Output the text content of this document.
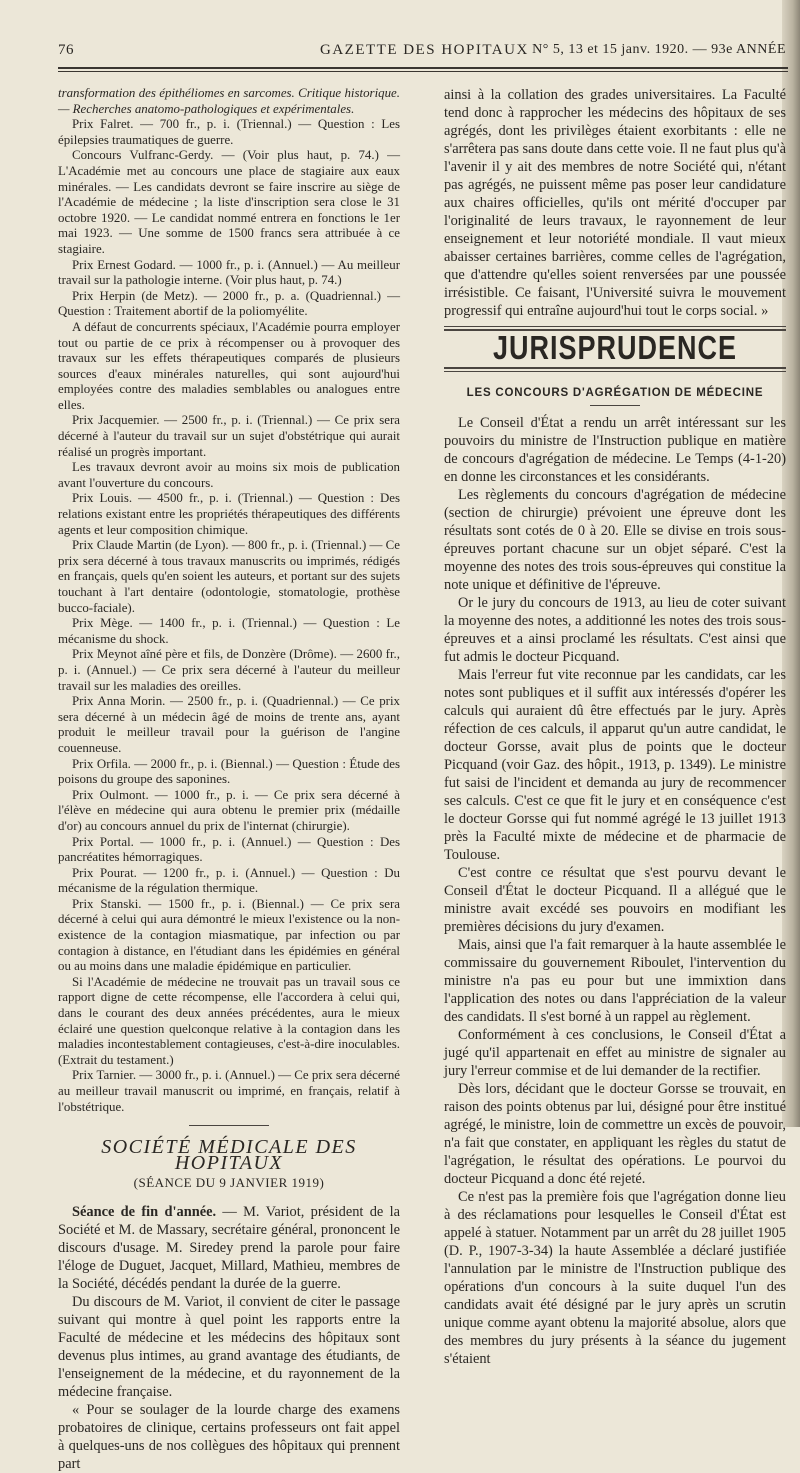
76	GAZETTE DES HOPITAUX N° 5, 13 et 15 janv. 1920. — 93e ANNÉE

transformation des épithéliomes en sarcomes. Critique historique. — Recherches anatomo-pathologiques et expérimentales.

Prix Falret. — 700 fr., p. i. (Triennal.) — Question : Les épilepsies traumatiques de guerre.

Concours Vulfranc-Gerdy. — (Voir plus haut, p. 74.) — L'Académie met au concours une place de stagiaire aux eaux minérales. — Les candidats devront se faire inscrire au siège de l'Académie de médecine ; la liste d'inscription sera close le 31 octobre 1920. — Le candidat nommé entrera en fonctions le 1er mai 1923. — Une somme de 1500 francs sera attribuée à ce stagiaire.

Prix Ernest Godard. — 1000 fr., p. i. (Annuel.) — Au meilleur travail sur la pathologie interne. (Voir plus haut, p. 74.)

Prix Herpin (de Metz). — 2000 fr., p. a. (Quadriennal.) — Question : Traitement abortif de la poliomyélite.

A défaut de concurrents spéciaux, l'Académie pourra employer tout ou partie de ce prix à récompenser ou à provoquer des travaux sur les effets thérapeutiques comparés de plusieurs sources d'eaux minérales naturelles, qui sont aujourd'hui employées contre des maladies semblables ou analogues entre elles.

Prix Jacquemier. — 2500 fr., p. i. (Triennal.) — Ce prix sera décerné à l'auteur du travail sur un sujet d'obstétrique qui aurait réalisé un progrès important.

Les travaux devront avoir au moins six mois de publication avant l'ouverture du concours.

Prix Louis. — 4500 fr., p. i. (Triennal.) — Question : Des relations existant entre les propriétés thérapeutiques des différents agents et leur composition chimique.

Prix Claude Martin (de Lyon). — 800 fr., p. i. (Triennal.) — Ce prix sera décerné à tous travaux manuscrits ou imprimés, rédigés en français, quels qu'en soient les auteurs, et portant sur des sujets touchant à l'art dentaire (odontologie, stomatologie, prothèse bucco-faciale).

Prix Mège. — 1400 fr., p. i. (Triennal.) — Question : Le mécanisme du shock.

Prix Meynot aîné père et fils, de Donzère (Drôme). — 2600 fr., p. i. (Annuel.) — Ce prix sera décerné à l'auteur du meilleur travail sur les maladies des oreilles.

Prix Anna Morin. — 2500 fr., p. i. (Quadriennal.) — Ce prix sera décerné à un médecin âgé de moins de trente ans, ayant produit le meilleur travail pour la guérison de l'angine couenneuse.

Prix Orfila. — 2000 fr., p. i. (Biennal.) — Question : Étude des poisons du groupe des saponines.

Prix Oulmont. — 1000 fr., p. i. — Ce prix sera décerné à l'élève en médecine qui aura obtenu le premier prix (médaille d'or) au concours annuel du prix de l'internat (chirurgie).

Prix Portal. — 1000 fr., p. i. (Annuel.) — Question : Des pancréatites hémorragiques.

Prix Pourat. — 1200 fr., p. i. (Annuel.) — Question : Du mécanisme de la régulation thermique.

Prix Stanski. — 1500 fr., p. i. (Biennal.) — Ce prix sera décerné à celui qui aura démontré le mieux l'existence ou la non-existence de la contagion miasmatique, par infection ou par contagion à distance, en l'étudiant dans les épidémies en général ou au moins dans une maladie épidémique en particulier.

Si l'Académie de médecine ne trouvait pas un travail sous ce rapport digne de cette récompense, elle l'accordera à celui qui, dans le courant des deux années précédentes, aura le mieux éclairé une question quelconque relative à la contagion dans les maladies incontestablement contagieuses, c'est-à-dire inoculables. (Extrait du testament.)

Prix Tarnier. — 3000 fr., p. i. (Annuel.) — Ce prix sera décerné au meilleur travail manuscrit ou imprimé, en français, relatif à l'obstétrique.

SOCIÉTÉ MÉDICALE DES HOPITAUX
(SÉANCE DU 9 JANVIER 1919)

Séance de fin d'année. — M. Variot, président de la Société et M. de Massary, secrétaire général, prononcent le discours d'usage. M. Siredey prend la parole pour faire l'éloge de Duguet, Jacquet, Millard, Mathieu, membres de la Société, décédés pendant la durée de la guerre.

Du discours de M. Variot, il convient de citer le passage suivant qui montre à quel point les rapports entre la Faculté de médecine et les médecins des hôpitaux sont devenus plus intimes, au grand avantage des étudiants, de l'enseignement de la médecine, et du rayonnement de la médecine française.

« Pour se soulager de la lourde charge des examens probatoires de clinique, certains professeurs ont fait appel à quelques-uns de nos collègues des hôpitaux qui prennent part

ainsi à la collation des grades universitaires. La Faculté tend donc à rapprocher les médecins des hôpitaux de ses agrégés, dont les privilèges étaient exorbitants : elle ne s'arrêtera pas sans doute dans cette voie. Il ne faut plus qu'à l'avenir il y ait des membres de notre Société qui, n'étant pas agrégés, ne puissent même pas poser leur candidature aux chaires officielles, qu'ils ont mérité d'occuper par l'originalité de leurs travaux, le rayonnement de leur enseignement et leur notoriété mondiale. Il vaut mieux abaisser certaines barrières, comme celles de l'agrégation, que d'attendre qu'elles soient renversées par une poussée irrésistible. Ce faisant, l'Université suivra le mouvement progressif qui entraîne aujourd'hui tout le corps social. »

JURISPRUDENCE
LES CONCOURS D'AGRÉGATION DE MÉDECINE

Le Conseil d'État a rendu un arrêt intéressant sur les pouvoirs du ministre de l'Instruction publique en matière de concours d'agrégation de médecine. Le Temps (4-1-20) en donne les circonstances et les considérants.

Les règlements du concours d'agrégation de médecine (section de chirurgie) prévoient une épreuve dont les résultats sont cotés de 0 à 20. Elle se divise en trois sous-épreuves portant chacune sur un objet séparé. C'est la moyenne des notes des trois sous-épreuves qui constitue la note unique et définitive de l'épreuve.

Or le jury du concours de 1913, au lieu de coter suivant la moyenne des notes, a additionné les notes des trois sous-épreuves et a ainsi proclamé les résultats. C'est ainsi que fut admis le docteur Picquand.

Mais l'erreur fut vite reconnue par les candidats, car les notes sont publiques et il suffit aux intéressés d'opérer les calculs qui auraient dû être effectués par le jury. Après réfection de ces calculs, il apparut qu'un autre candidat, le docteur Gorsse, avait plus de points que le docteur Picquand (voir Gaz. des hôpit., 1913, p. 1349). Le ministre fut saisi de l'incident et demanda au jury de recommencer ses calculs. C'est ce que fit le jury et en conséquence c'est le docteur Gorsse qui fut nommé agrégé le 13 juillet 1913 près la Faculté mixte de médecine et de pharmacie de Toulouse.

C'est contre ce résultat que s'est pourvu devant le Conseil d'État le docteur Picquand. Il a allégué que le ministre avait excédé ses pouvoirs en modifiant les premières décisions du jury d'examen.

Mais, ainsi que l'a fait remarquer à la haute assemblée le commissaire du gouvernement Riboulet, l'intervention du ministre n'a pas eu pour but une immixtion dans l'application des notes ou dans l'appréciation de la valeur des candidats. Il s'est borné à un rappel au règlement.

Conformément à ces conclusions, le Conseil d'État a jugé qu'il appartenait en effet au ministre de signaler au jury l'erreur commise et de lui demander de la rectifier.

Dès lors, décidant que le docteur Gorsse se trouvait, en raison des points obtenus par lui, désigné pour être institué agrégé, le ministre, loin de commettre un excès de pouvoir, n'a fait que constater, en appliquant les règles du statut de l'agrégation, le résultat des opérations. Le pourvoi du docteur Picquand a donc été rejeté.

Ce n'est pas la première fois que l'agrégation donne lieu à des réclamations pour lesquelles le Conseil d'État est appelé à statuer. Notamment par un arrêt du 28 juillet 1905 (D. P., 1907-3-34) la haute Assemblée a déclaré justifiée l'annulation par le ministre de l'Instruction publique des opérations d'un concours à la suite duquel l'un des candidats avait été désigné par le jury après un scrutin unique comme ayant obtenu la majorité absolue, alors que des membres du jury présents à la séance du jugement s'étaient
